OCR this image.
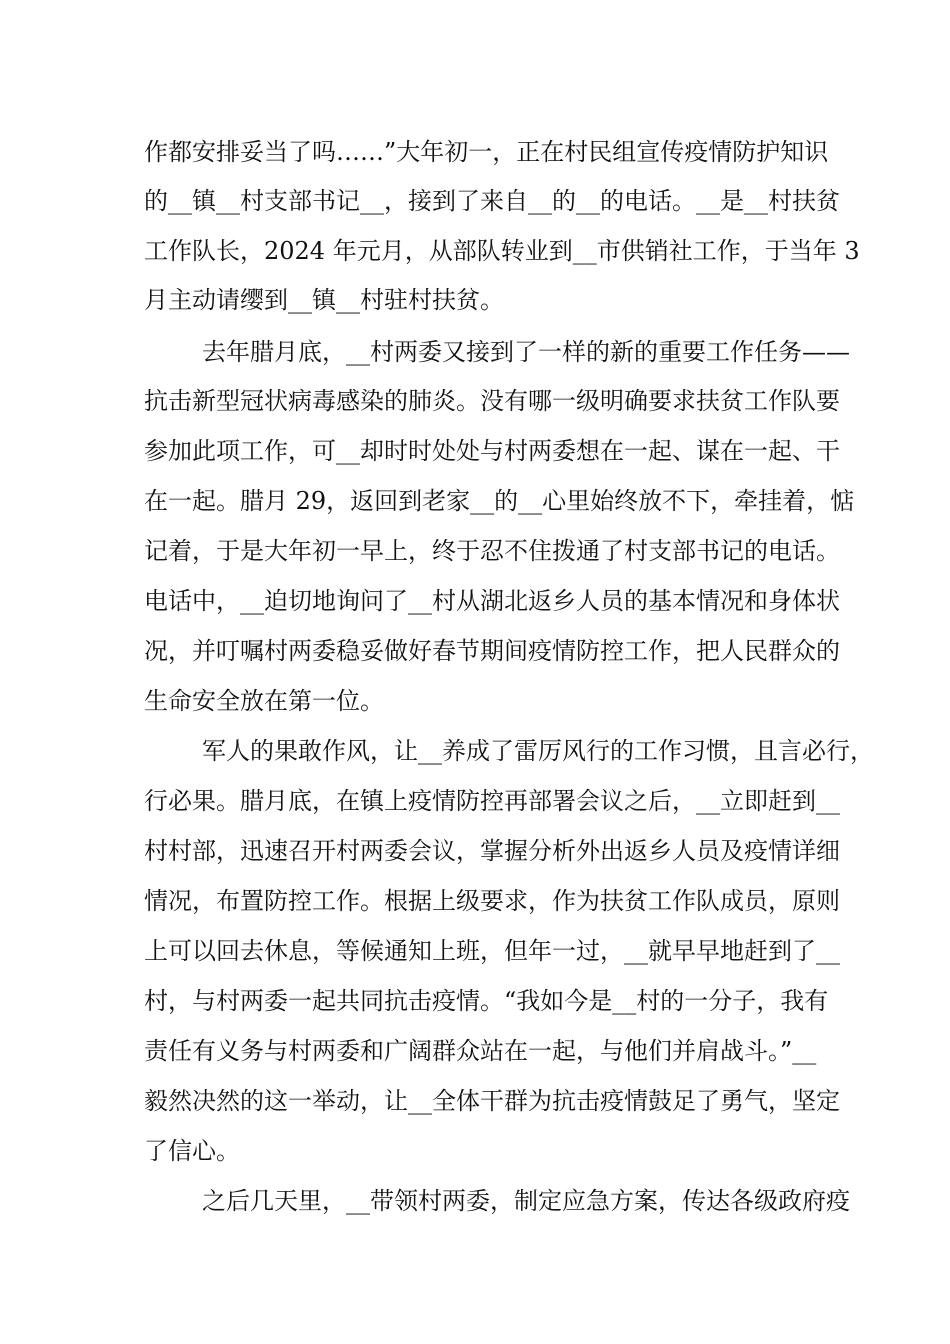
作都安排妥当了吗……”大年初一，正在村民组宣传疫情防护知识
的__镇__村支部书记__，接到了来自__的__的电话。__是__村扶贫
工作队长，2024 年元月，从部队转业到__市供销社工作，于当年 3
月主动请缨到__镇__村驻村扶贫。
去年腊月底，__村两委又接到了一样的新的重要工作任务——
抗击新型冠状病毒感染的肺炎。没有哪一级明确要求扶贫工作队要
参加此项工作，可__却时时处处与村两委想在一起、谋在一起、干
在一起。腊月 29，返回到老家__的__心里始终放不下，牵挂着，惦
记着，于是大年初一早上，终于忍不住拨通了村支部书记的电话。
电话中，__迫切地询问了__村从湖北返乡人员的基本情况和身体状
况，并叮嘱村两委稳妥做好春节期间疫情防控工作，把人民群众的
生命安全放在第一位。
军人的果敢作风，让__养成了雷厉风行的工作习惯，且言必行，
行必果。腊月底，在镇上疫情防控再部署会议之后，__立即赶到__
村村部，迅速召开村两委会议，掌握分析外出返乡人员及疫情详细
情况，布置防控工作。根据上级要求，作为扶贫工作队成员，原则
上可以回去休息，等候通知上班，但年一过，__就早早地赶到了__
村，与村两委一起共同抗击疫情。“我如今是__村的一分子，我有
责任有义务与村两委和广阔群众站在一起，与他们并肩战斗。”__
毅然决然的这一举动，让__全体干群为抗击疫情鼓足了勇气，坚定
了信心。
之后几天里，__带领村两委，制定应急方案，传达各级政府疫
